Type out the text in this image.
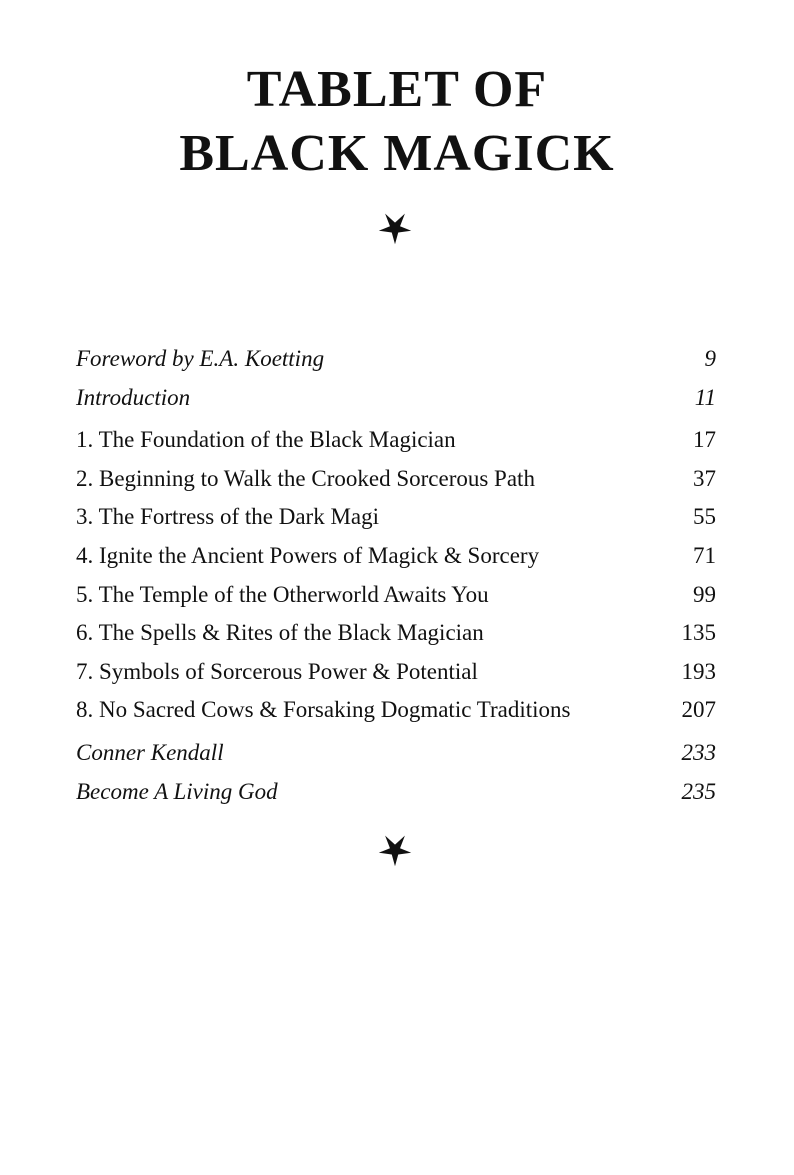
TABLET OF
BLACK MAGICK
Foreword by E.A. Koetting	9
Introduction	11
1. The Foundation of the Black Magician	17
2. Beginning to Walk the Crooked Sorcerous Path	37
3. The Fortress of the Dark Magi	55
4. Ignite the Ancient Powers of Magick & Sorcery	71
5. The Temple of the Otherworld Awaits You	99
6. The Spells & Rites of the Black Magician	135
7. Symbols of Sorcerous Power & Potential	193
8. No Sacred Cows & Forsaking Dogmatic Traditions	207
Conner Kendall	233
Become A Living God	235
